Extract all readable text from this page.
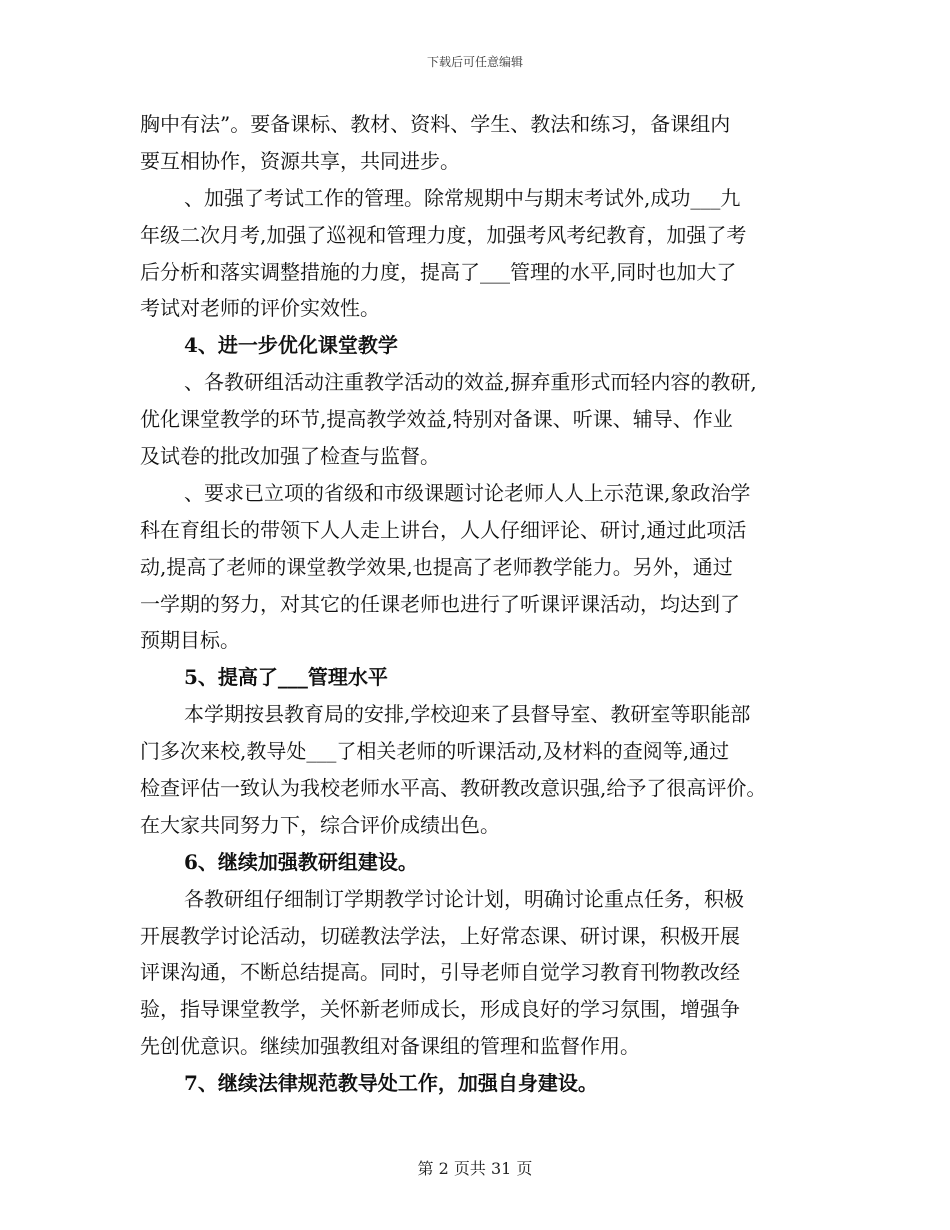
下载后可任意编辑
胸中有法”。要备课标、教材、资料、学生、教法和练习，备课组内
要互相协作，资源共享，共同进步。
、加强了考试工作的管理。除常规期中与期末考试外,成功___九
年级二次月考,加强了巡视和管理力度，加强考风考纪教育，加强了考
后分析和落实调整措施的力度，提高了___管理的水平,同时也加大了
考试对老师的评价实效性。
4、进一步优化课堂教学
、各教研组活动注重教学活动的效益,摒弃重形式而轻内容的教研,
优化课堂教学的环节,提高教学效益,特别对备课、听课、辅导、作业
及试卷的批改加强了检查与监督。
、要求已立项的省级和市级课题讨论老师人人上示范课,象政治学
科在育组长的带领下人人走上讲台，人人仔细评论、研讨,通过此项活
动,提高了老师的课堂教学效果,也提高了老师教学能力。另外，通过
一学期的努力，对其它的任课老师也进行了听课评课活动，均达到了
预期目标。
5、提高了___管理水平
本学期按县教育局的安排,学校迎来了县督导室、教研室等职能部
门多次来校,教导处___了相关老师的听课活动,及材料的查阅等,通过
检查评估一致认为我校老师水平高、教研教改意识强,给予了很高评价。
在大家共同努力下，综合评价成绩出色。
6、继续加强教研组建设。
各教研组仔细制订学期教学讨论计划，明确讨论重点任务，积极
开展教学讨论活动，切磋教法学法，上好常态课、研讨课，积极开展
评课沟通，不断总结提高。同时，引导老师自觉学习教育刊物教改经
验，指导课堂教学，关怀新老师成长，形成良好的学习氛围，增强争
先创优意识。继续加强教组对备课组的管理和监督作用。
7、继续法律规范教导处工作，加强自身建设。
第 2 页共 31 页
